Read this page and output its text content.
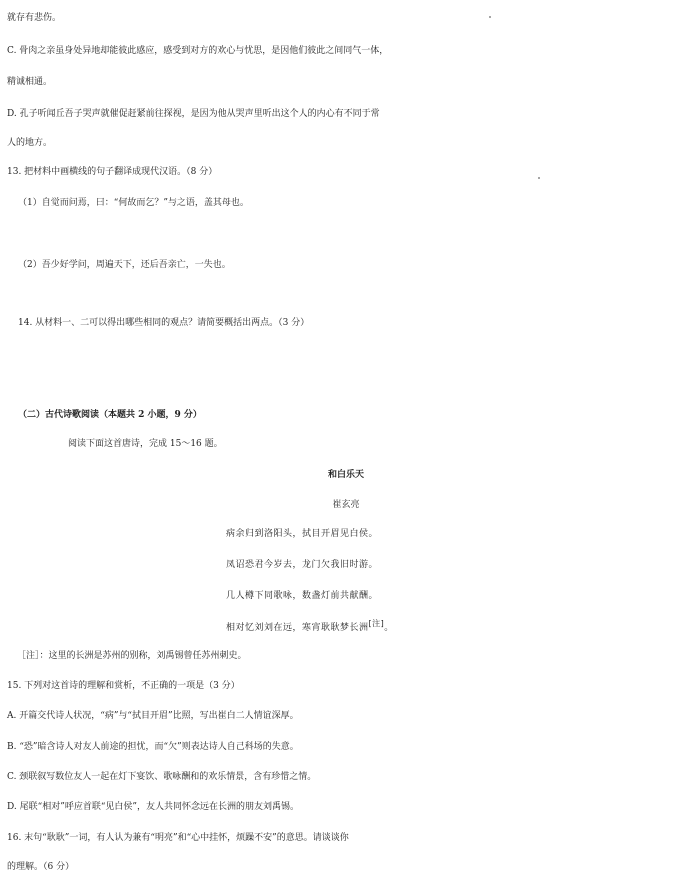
就存有悲伤。
C. 骨肉之亲虽身处异地却能彼此感应，感受到对方的欢心与忧思，是因他们彼此之间同气一体，
精诚相通。
D. 孔子听闻丘吾子哭声就催促赶紧前往探视，是因为他从哭声里听出这个人的内心有不同于常
人的地方。
13. 把材料中画横线的句子翻译成现代汉语。（8 分）
（1）自觉而问焉，曰：“何故而乞？”与之语，盖其母也。
（2）吾少好学问，周遍天下，还后吾亲亡，一失也。
14. 从材料一、二可以得出哪些相同的观点？请简要概括出两点。（3 分）
（二）古代诗歌阅读（本题共 2 小题，9 分）
阅读下面这首唐诗，完成 15～16 题。
和白乐天
崔玄亮
病余归到洛阳头，拭目开眉见白侯。
凤诏恐君今岁去，龙门欠我旧时游。
几人樽下同歌咏，数盏灯前共献酬。
相对忆刘刘在远，寒宵耿耿梦长洲[注]。
［注］：这里的长洲是苏州的别称，刘禹锡曾任苏州刺史。
15. 下列对这首诗的理解和赏析，不正确的一项是（3 分）
A. 开篇交代诗人状况，“病”与“拭目开眉”比照，写出崔白二人情谊深厚。
B. “恐”暗含诗人对友人前途的担忧，而“欠”则表达诗人自己科场的失意。
C. 颈联叙写数位友人一起在灯下宴饮、歌咏酬和的欢乐情景，含有珍惜之情。
D. 尾联“相对”呼应首联“见白侯”，友人共同怀念远在长洲的朋友刘禹锡。
16. 末句“耿耿”一词，有人认为兼有“明亮”和“心中挂怀，烦躁不安”的意思。请谈谈你
的理解。（6 分）
